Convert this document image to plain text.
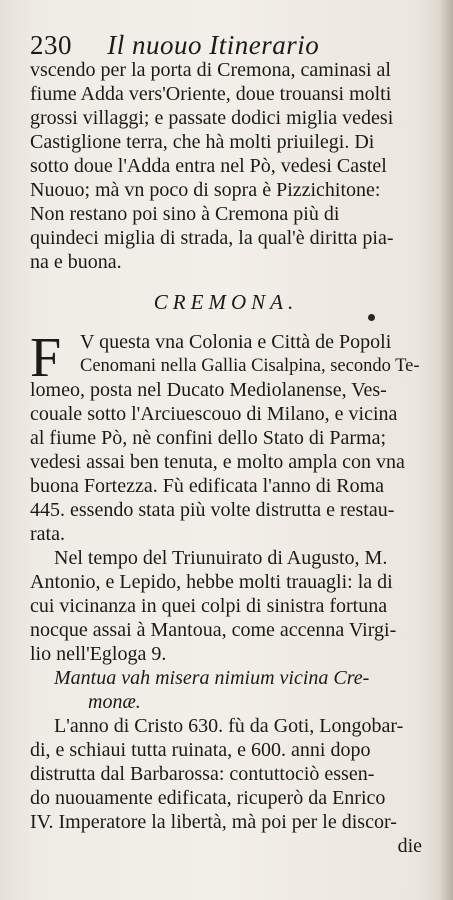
230 Il nuouo Itinerario
vscendo per la porta di Cremona, caminasi al
fiume Adda vers'Oriente, doue trouansi molti
grossi villaggi; e passate dodici miglia vedesi
Castiglione terra, che hà molti priuilegi. Di
sotto doue l'Adda entra nel Pò, vedesi Castel
Nuouo; mà vn poco di sopra è Pizzichitone:
Non restano poi sino à Cremona più di
quindeci miglia di strada, la qual'è diritta pia-
na e buona.
CREMONA.
F V questa vna Colonia e Città de Popoli
Cenomani nella Gallia Cisalpina, secondo Te-
lomeo, posta nel Ducato Mediolanense, Ves-
couale sotto l'Arciuescouo di Milano, e vicina
al fiume Pò, nè confini dello Stato di Parma;
vedesi assai ben tenuta, e molto ampla con vna
buona Fortezza. Fù edificata l'anno di Roma
445. essendo stata più volte distrutta e restau-
rata.
Nel tempo del Triunuirato di Augusto, M.
Antonio, e Lepido, hebbe molti trauagli: la di
cui vicinanza in quei colpi di sinistra fortuna
nocque assai à Mantoua, come accenna Virgi-
lio nell'Egloga 9.
Mantua vah misera nimium vicina Cre-
monæ.
L'anno di Cristo 630. fù da Goti, Longobar-
di, e schiaui tutta ruinata, e 600. anni dopo
distrutta dal Barbarossa: contuttociò essen-
do nuouamente edificata, ricuperò da Enrico
IV. Imperatore la libertà, mà poi per le discor-
die
